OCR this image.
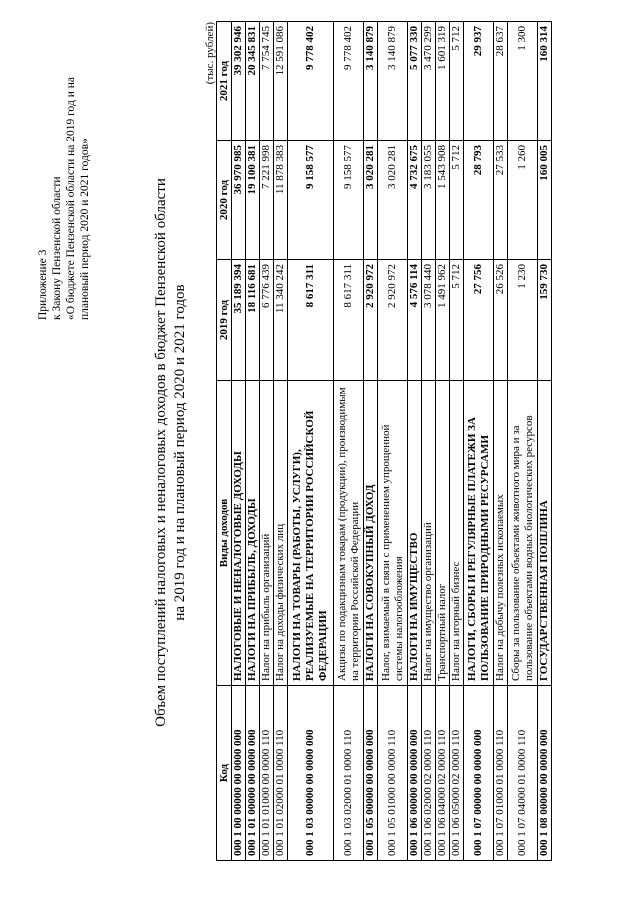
Приложение 3 к Закону Пензенской области «О бюджете Пензенской области на 2019 год и на плановый период 2020 и 2021 годов»	Объем поступлений налоговых и неналоговых доходов в бюджет Пензенской области на 2019 год и на плановый период 2020 и 2021 годов
(тыс. рублей)
Код	Виды доходов	2019 год	2020 год	2021 год
000 1 00 00000 00 0000 000	НАЛОГОВЫЕ И НЕНАЛОГОВЫЕ ДОХОДЫ	35 189 394	36 970 985	39 302 946
000 1 01 00000 00 0000 000	НАЛОГИ НА ПРИБЫЛЬ, ДОХОДЫ	18 116 681	19 100 381	20 345 831
000 1 01 01000 00 0000 110	Налог на прибыль организаций	6 776 439	7 221 998	7 754 745
000 1 01 02000 01 0000 110	Налог на доходы физических лиц	11 340 242	11 878 383	12 591 086
000 1 03 00000 00 0000 000	НАЛОГИ НА ТОВАРЫ (РАБОТЫ, УСЛУГИ), РЕАЛИЗУЕМЫЕ НА ТЕРРИТОРИИ РОССИЙСКОЙ ФЕДЕРАЦИИ	8 617 311	9 158 577	9 778 402
000 1 03 02000 01 0000 110	Акцизы по подакцизным товарам (продукции), производимым на территории Российской Федерации	8 617 311	9 158 577	9 778 402
000 1 05 00000 00 0000 000	НАЛОГИ НА СОВОКУПНЫЙ ДОХОД	2 920 972	3 020 281	3 140 879
000 1 05 01000 00 0000 110	Налог, взимаемый в связи с применением упрощенной системы налогообложения	2 920 972	3 020 281	3 140 879
000 1 06 00000 00 0000 000	НАЛОГИ НА ИМУЩЕСТВО	4 576 114	4 732 675	5 077 330
000 1 06 02000 02 0000 110	Налог на имущество организаций	3 078 440	3 183 055	3 470 299
000 1 06 04000 02 0000 110	Транспортный налог	1 491 962	1 543 908	1 601 319
000 1 06 05000 02 0000 110	Налог на игорный бизнес	5 712	5 712	5 712
000 1 07 00000 00 0000 000	НАЛОГИ, СБОРЫ И РЕГУЛЯРНЫЕ ПЛАТЕЖИ ЗА ПОЛЬЗОВАНИЕ ПРИРОДНЫМИ РЕСУРСАМИ	27 756	28 793	29 937
000 1 07 01000 01 0000 110	Налог на добычу полезных ископаемых	26 526	27 533	28 637
000 1 07 04000 01 0000 110	Сборы за пользование объектами животного мира и за пользование объектами водных биологических ресурсов	1 230	1 260	1 300
000 1 08 00000 00 0000 000	ГОСУДАРСТВЕННАЯ ПОШЛИНА	159 730	160 005	160 314
